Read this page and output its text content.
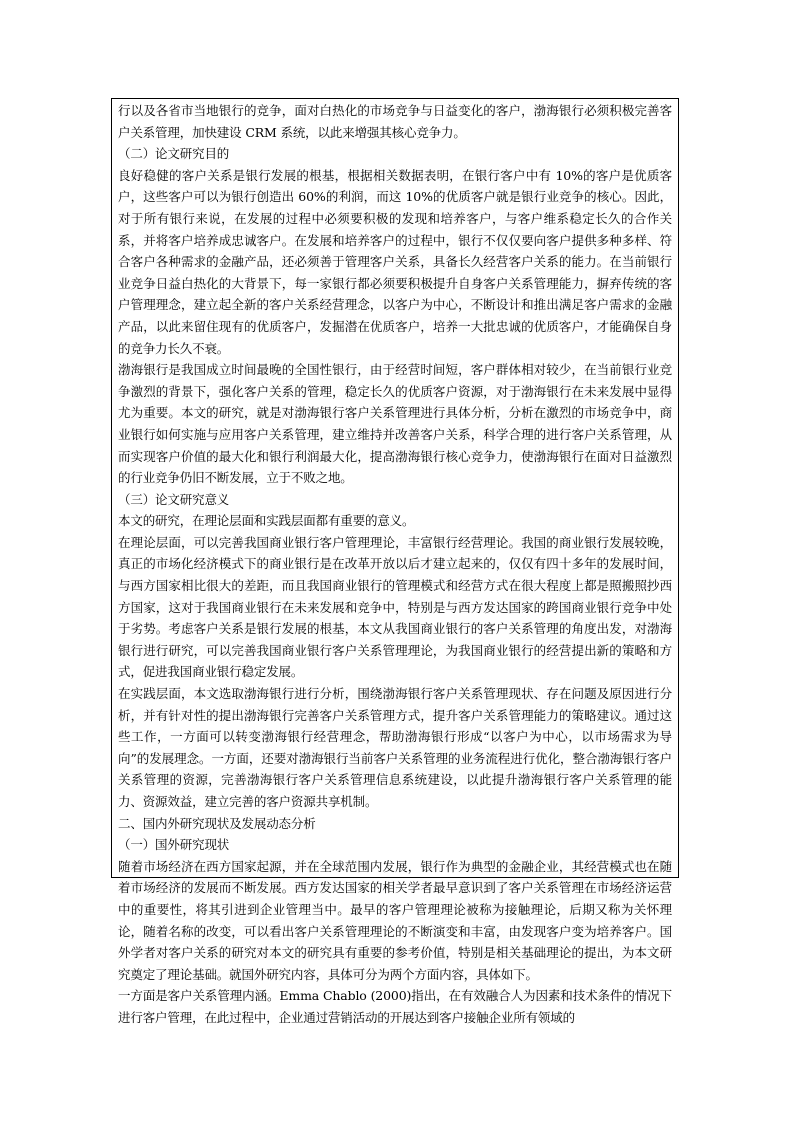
行以及各省市当地银行的竞争，面对白热化的市场竞争与日益变化的客户，渤海银行必须积极完善客户关系管理，加快建设 CRM 系统，以此来增强其核心竞争力。

（二）论文研究目的

良好稳健的客户关系是银行发展的根基，根据相关数据表明，在银行客户中有 10%的客户是优质客户，这些客户可以为银行创造出 60%的利润，而这 10%的优质客户就是银行业竞争的核心。因此，对于所有银行来说，在发展的过程中必须要积极的发现和培养客户，与客户维系稳定长久的合作关系，并将客户培养成忠诚客户。在发展和培养客户的过程中，银行不仅仅要向客户提供多种多样、符合客户各种需求的金融产品，还必须善于管理客户关系，具备长久经营客户关系的能力。在当前银行业竞争日益白热化的大背景下，每一家银行都必须要积极提升自身客户关系管理能力，摒弃传统的客户管理理念，建立起全新的客户关系经营理念，以客户为中心，不断设计和推出满足客户需求的金融产品，以此来留住现有的优质客户，发掘潜在优质客户，培养一大批忠诚的优质客户，才能确保自身的竞争力长久不衰。

渤海银行是我国成立时间最晚的全国性银行，由于经营时间短，客户群体相对较少，在当前银行业竞争激烈的背景下，强化客户关系的管理，稳定长久的优质客户资源，对于渤海银行在未来发展中显得尤为重要。本文的研究，就是对渤海银行客户关系管理进行具体分析，分析在激烈的市场竞争中，商业银行如何实施与应用客户关系管理，建立维持并改善客户关系，科学合理的进行客户关系管理，从而实现客户价值的最大化和银行利润最大化，提高渤海银行核心竞争力，使渤海银行在面对日益激烈的行业竞争仍旧不断发展，立于不败之地。

（三）论文研究意义

本文的研究，在理论层面和实践层面都有重要的意义。

在理论层面，可以完善我国商业银行客户管理理论，丰富银行经营理论。我国的商业银行发展较晚，真正的市场化经济模式下的商业银行是在改革开放以后才建立起来的，仅仅有四十多年的发展时间，与西方国家相比很大的差距，而且我国商业银行的管理模式和经营方式在很大程度上都是照搬照抄西方国家，这对于我国商业银行在未来发展和竞争中，特别是与西方发达国家的跨国商业银行竞争中处于劣势。考虑客户关系是银行发展的根基，本文从我国商业银行的客户关系管理的角度出发，对渤海银行进行研究，可以完善我国商业银行客户关系管理理论，为我国商业银行的经营提出新的策略和方式，促进我国商业银行稳定发展。

在实践层面，本文选取渤海银行进行分析，围绕渤海银行客户关系管理现状、存在问题及原因进行分析，并有针对性的提出渤海银行完善客户关系管理方式，提升客户关系管理能力的策略建议。通过这些工作，一方面可以转变渤海银行经营理念，帮助渤海银行形成“以客户为中心，以市场需求为导向”的发展理念。一方面，还要对渤海银行当前客户关系管理的业务流程进行优化，整合渤海银行客户关系管理的资源，完善渤海银行客户关系管理信息系统建设，以此提升渤海银行客户关系管理的能力、资源效益，建立完善的客户资源共享机制。

二、国内外研究现状及发展动态分析

（一）国外研究现状

随着市场经济在西方国家起源，并在全球范围内发展，银行作为典型的金融企业，其经营模式也在随着市场经济的发展而不断发展。西方发达国家的相关学者最早意识到了客户关系管理在市场经济运营中的重要性，将其引进到企业管理当中。最早的客户管理理论被称为接触理论，后期又称为关怀理论，随着名称的改变，可以看出客户关系管理理论的不断演变和丰富，由发现客户变为培养客户。国外学者对客户关系的研究对本文的研究具有重要的参考价值，特别是相关基础理论的提出，为本文研究奠定了理论基础。就国外研究内容，具体可分为两个方面内容，具体如下。

一方面是客户关系管理内涵。Emma Chablo (2000)指出，在有效融合人为因素和技术条件的情况下进行客户管理，在此过程中，企业通过营销活动的开展达到客户接触企业所有领域的
